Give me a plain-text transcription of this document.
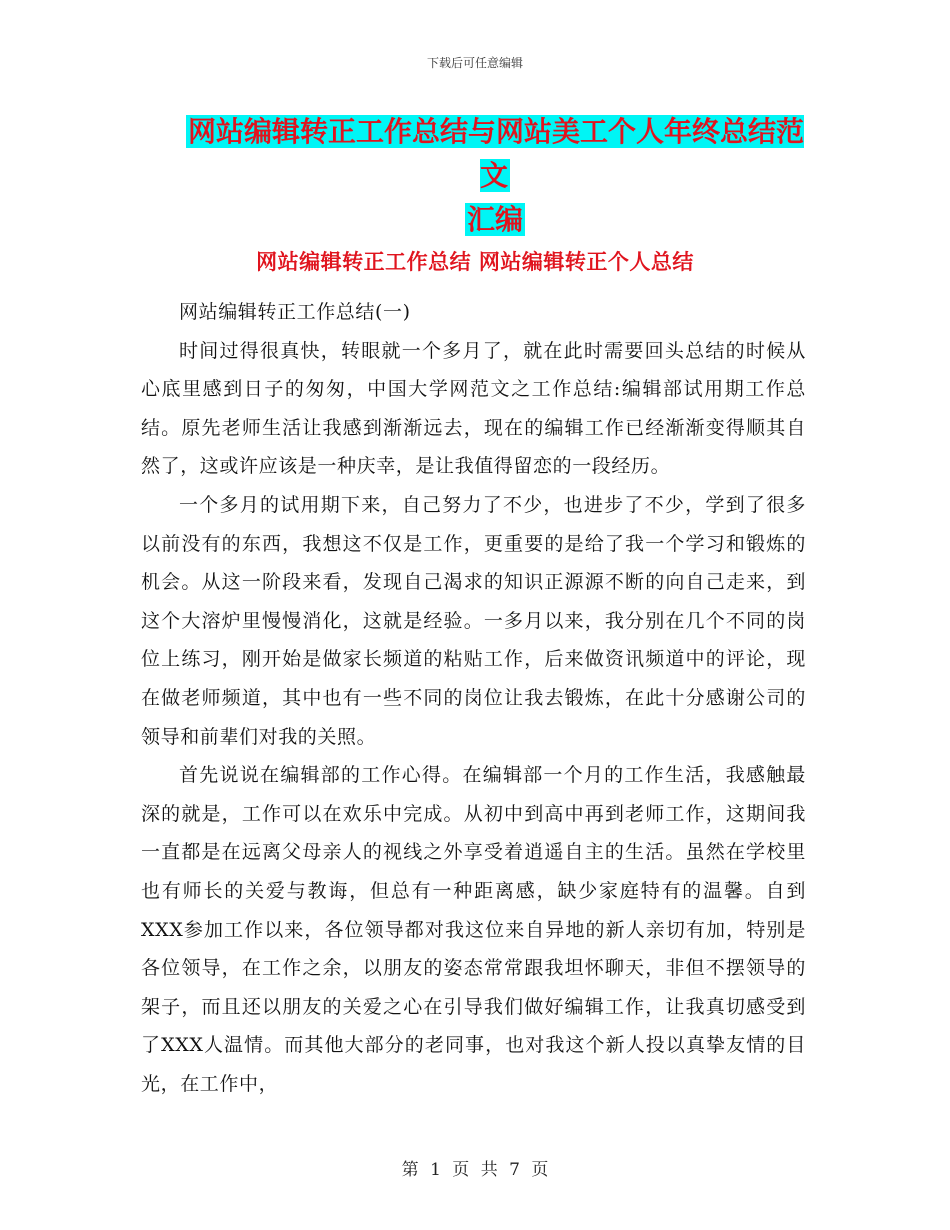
下载后可任意编辑
网站编辑转正工作总结与网站美工个人年终总结范文
汇编
网站编辑转正工作总结 网站编辑转正个人总结

网站编辑转正工作总结(一)

时间过得很真快，转眼就一个多月了，就在此时需要回头总结的时候从心底里感到日子的匆匆，中国大学网范文之工作总结:编辑部试用期工作总结。原先老师生活让我感到渐渐远去，现在的编辑工作已经渐渐变得顺其自然了，这或许应该是一种庆幸，是让我值得留恋的一段经历。

一个多月的试用期下来，自己努力了不少，也进步了不少，学到了很多以前没有的东西，我想这不仅是工作，更重要的是给了我一个学习和锻炼的机会。从这一阶段来看，发现自己渴求的知识正源源不断的向自己走来，到这个大溶炉里慢慢消化，这就是经验。一多月以来，我分别在几个不同的岗位上练习，刚开始是做家长频道的粘贴工作，后来做资讯频道中的评论，现在做老师频道，其中也有一些不同的岗位让我去锻炼，在此十分感谢公司的领导和前辈们对我的关照。

首先说说在编辑部的工作心得。在编辑部一个月的工作生活，我感触最深的就是，工作可以在欢乐中完成。从初中到高中再到老师工作，这期间我一直都是在远离父母亲人的视线之外享受着逍遥自主的生活。虽然在学校里也有师长的关爱与教诲，但总有一种距离感，缺少家庭特有的温馨。自到XXX参加工作以来，各位领导都对我这位来自异地的新人亲切有加，特别是各位领导，在工作之余，以朋友的姿态常常跟我坦怀聊天，非但不摆领导的架子，而且还以朋友的关爱之心在引导我们做好编辑工作，让我真切感受到了XXX人温情。而其他大部分的老同事，也对我这个新人投以真挚友情的目光，在工作中，

第 1 页 共 7 页
